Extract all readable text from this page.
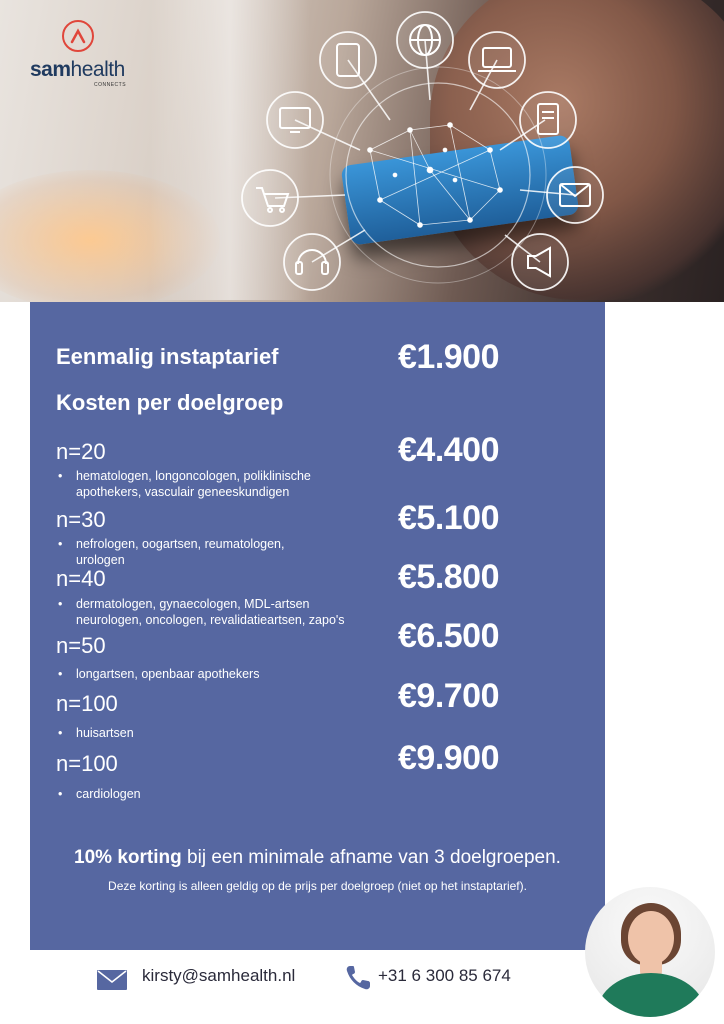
samhealth
CONNECTS
Eenmalig instaptarief	€1.900
Kosten per doelgroep
n=20	€4.400
•	hematologen, longoncologen, poliklinische
apothekers, vasculair geneeskundigen
n=30	€5.100
•	nefrologen, oogartsen, reumatologen,
urologen
n=40	€5.800
•	dermatologen, gynaecologen, MDL-artsen
neurologen, oncologen, revalidatieartsen, zapo's
n=50	€6.500
•	longartsen, openbaar apothekers
n=100	€9.700
•	huisartsen
n=100	€9.900
•	cardiologen
10% korting bij een minimale afname van 3 doelgroepen.
Deze korting is alleen geldig op de prijs per doelgroep (niet op het instaptarief).
kirsty@samhealth.nl	+31 6 300 85 674
